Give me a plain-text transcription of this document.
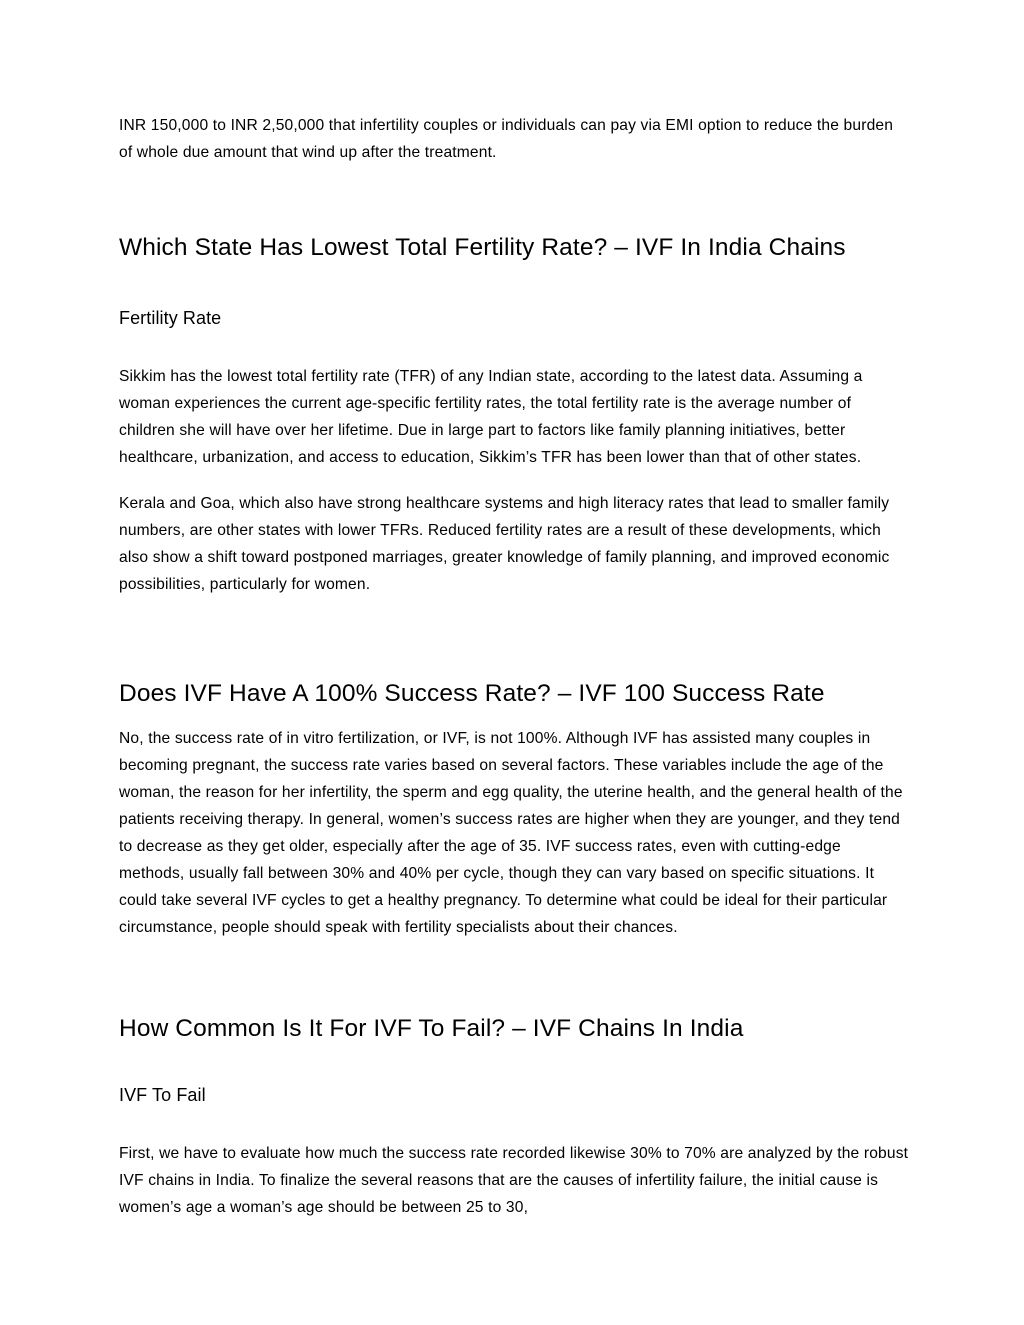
INR 150,000 to INR 2,50,000 that infertility couples or individuals can pay via EMI option to reduce the burden of whole due amount that wind up after the treatment.

Which State Has Lowest Total Fertility Rate? – IVF In India Chains
Fertility Rate

Sikkim has the lowest total fertility rate (TFR) of any Indian state, according to the latest data. Assuming a woman experiences the current age-specific fertility rates, the total fertility rate is the average number of children she will have over her lifetime. Due in large part to factors like family planning initiatives, better healthcare, urbanization, and access to education, Sikkim’s TFR has been lower than that of other states.

Kerala and Goa, which also have strong healthcare systems and high literacy rates that lead to smaller family numbers, are other states with lower TFRs. Reduced fertility rates are a result of these developments, which also show a shift toward postponed marriages, greater knowledge of family planning, and improved economic possibilities, particularly for women.

Does IVF Have A 100% Success Rate? – IVF 100 Success Rate

No, the success rate of in vitro fertilization, or IVF, is not 100%. Although IVF has assisted many couples in becoming pregnant, the success rate varies based on several factors. These variables include the age of the woman, the reason for her infertility, the sperm and egg quality, the uterine health, and the general health of the patients receiving therapy. In general, women’s success rates are higher when they are younger, and they tend to decrease as they get older, especially after the age of 35. IVF success rates, even with cutting-edge methods, usually fall between 30% and 40% per cycle, though they can vary based on specific situations. It could take several IVF cycles to get a healthy pregnancy. To determine what could be ideal for their particular circumstance, people should speak with fertility specialists about their chances.

How Common Is It For IVF To Fail? – IVF Chains In India
IVF To Fail

First, we have to evaluate how much the success rate recorded likewise 30% to 70% are analyzed by the robust IVF chains in India. To finalize the several reasons that are the causes of infertility failure, the initial cause is women’s age a woman’s age should be between 25 to 30,
